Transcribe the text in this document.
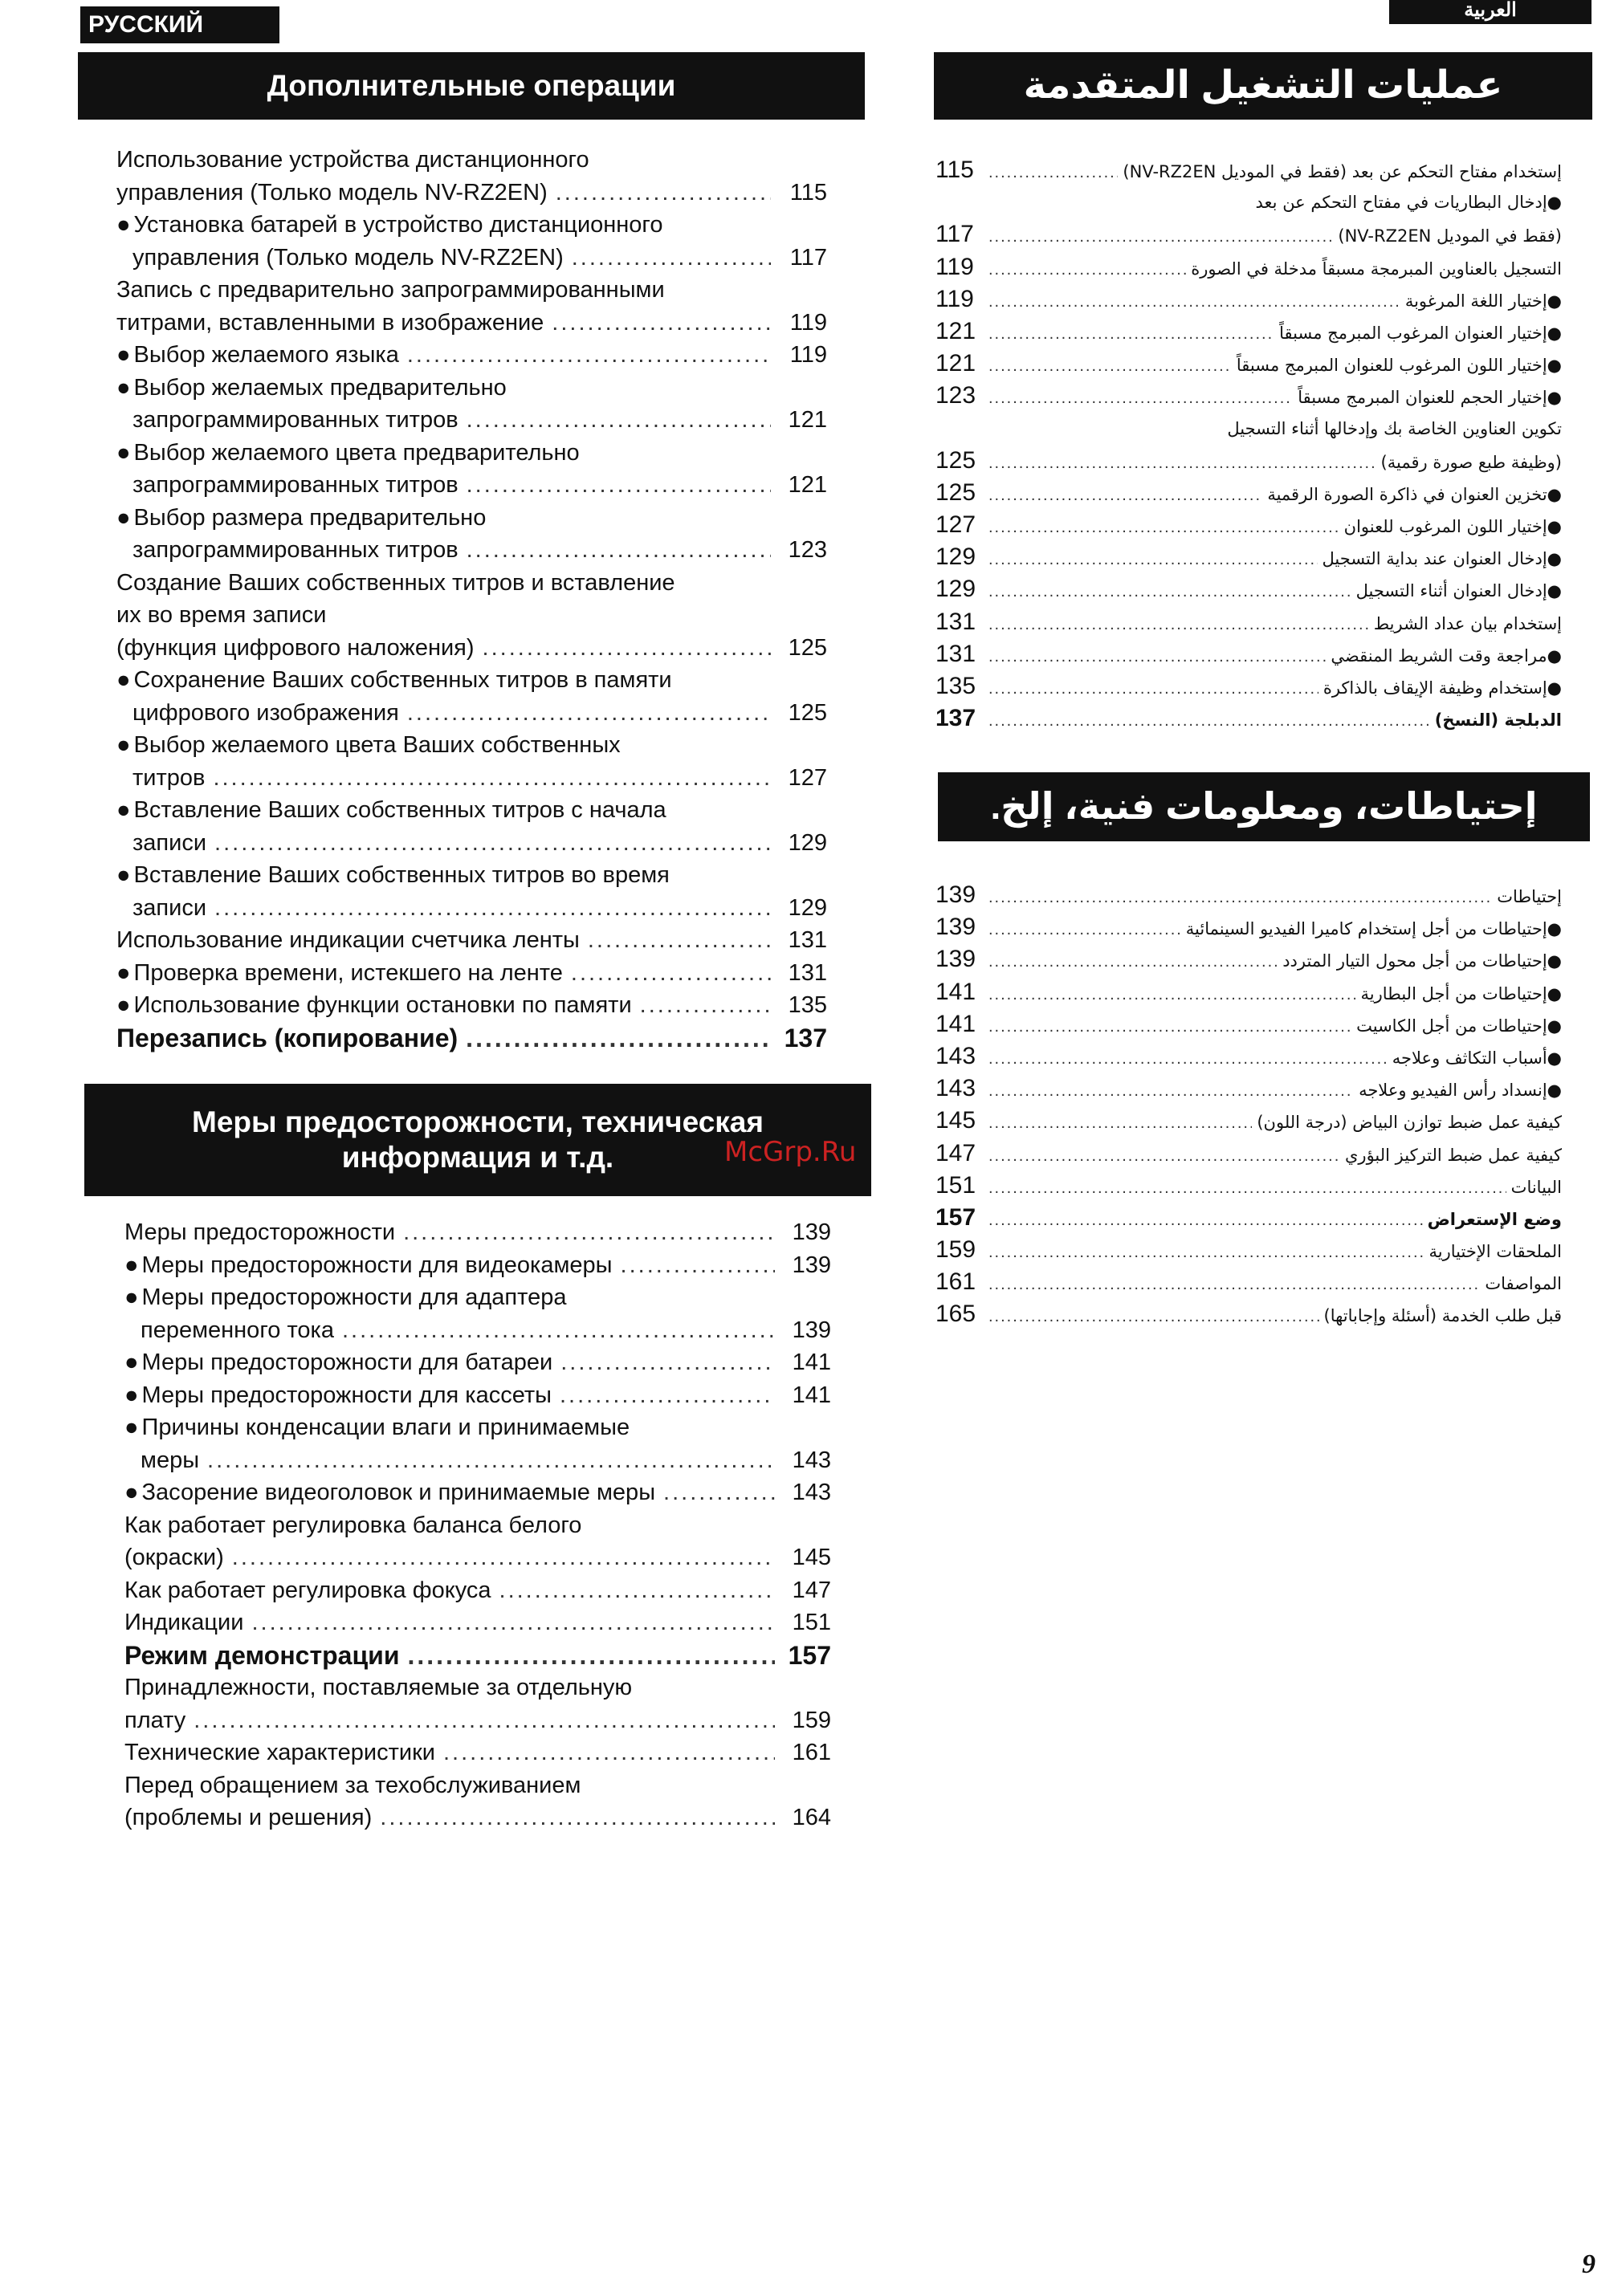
РУССКИЙ
العربية
Дополнительные операции
Использование устройства дистанционного
управления (Только модель NV-RZ2EN) .....	115
● Установка батарей в устройство дистанционного
управления (Только модель NV-RZ2EN) .....	117
Запись с предварительно запрограммированными
титрами, вставленными в изображение .....	119
● Выбор желаемого языка .....	119
● Выбор желаемых предварительно
запрограммированных титров .....	121
● Выбор желаемого цвета предварительно
запрограммированных титров .....	121
● Выбор размера предварительно
запрограммированных титров .....	123
Создание Ваших собственных титров и вставление
их во время записи
(функция цифрового наложения) .....	125
● Сохранение Ваших собственных титров в памяти
цифрового изображения .....	125
● Выбор желаемого цвета Ваших собственных
титров .....	127
● Вставление Ваших собственных титров с начала
записи .....	129
● Вставление Ваших собственных титров во время
записи .....	129
Использование индикации счетчика ленты .....	131
● Проверка времени, истекшего на ленте .....	131
● Использование функции остановки по памяти .....	135
Перезапись (копирование) .....	137
Меры предосторожности, техническая
информация и т.д.
Меры предосторожности .....	139
● Меры предосторожности для видеокамеры .....	139
● Меры предосторожности для адаптера
переменного тока .....	139
● Меры предосторожности для батареи .....	141
● Меры предосторожности для кассеты .....	141
● Причины конденсации влаги и принимаемые
меры .....	143
● Засорение видеоголовок и принимаемые меры .....	143
Как работает регулировка баланса белого
(окраски) .....	145
Как работает регулировка фокуса .....	147
Индикации .....	151
Режим демонстрации .....	157
Принадлежности, поставляемые за отдельную
плату .....	159
Технические характеристики .....	161
Перед обращением за техобслуживанием
(проблемы и решения) .....	164
عمليات التشغيل المتقدمة
115 .....	إستخدام مفتاح التحكم عن بعد (فقط في الموديل NV-RZ2EN)
●إدخال البطاريات في مفتاح التحكم عن بعد
117 .....	(فقط في الموديل NV-RZ2EN)
119 .....	التسجيل بالعناوين المبرمجة مسبقاً مدخلة في الصورة
119 .....	●إختيار اللغة المرغوبة
121 .....	●إختيار العنوان المرغوب المبرمج مسبقاً
121 .....	●إختيار اللون المرغوب للعنوان المبرمج مسبقاً
123 .....	●إختيار الحجم للعنوان المبرمج مسبقاً
تكوين العناوين الخاصة بك وإدخالها أثناء التسجيل
125 .....	(وظيفة طبع صورة رقمية)
125 .....	●تخزين العنوان في ذاكرة الصورة الرقمية
127 .....	●إختيار اللون المرغوب للعنوان
129 .....	●إدخال العنوان عند بداية التسجيل
129 .....	●إدخال العنوان أثناء التسجيل
131 .....	إستخدام بيان عداد الشريط
131 .....	●مراجعة وقت الشريط المنقضي
135 .....	●إستخدام وظيفة الإيقاف بالذاكرة
137 .....	الدبلجة (النسخ)
إحتياطات، ومعلومات فنية، إلخ.
139 .....	إحتياطات
139 .....	●إحتياطات من أجل إستخدام كاميرا الفيديو السينمائية
139 .....	●إحتياطات من أجل محول التيار المتردد
141 .....	●إحتياطات من أجل البطارية
141 .....	●إحتياطات من أجل الكاسيت
143 .....	●أسباب التكاثف وعلاجه
143 .....	●إنسداد رأس الفيديو وعلاجه
145 .....	كيفية عمل ضبط توازن البياض (درجة اللون)
147 .....	كيفية عمل ضبط التركيز البؤري
151 .....	البيانات
157 .....	وضع الإستعراض
159 .....	الملحقات الإختيارية
161 .....	المواصفات
165 .....	قبل طلب الخدمة (أسئلة وإجاباتها)
McGrp.Ru
9
